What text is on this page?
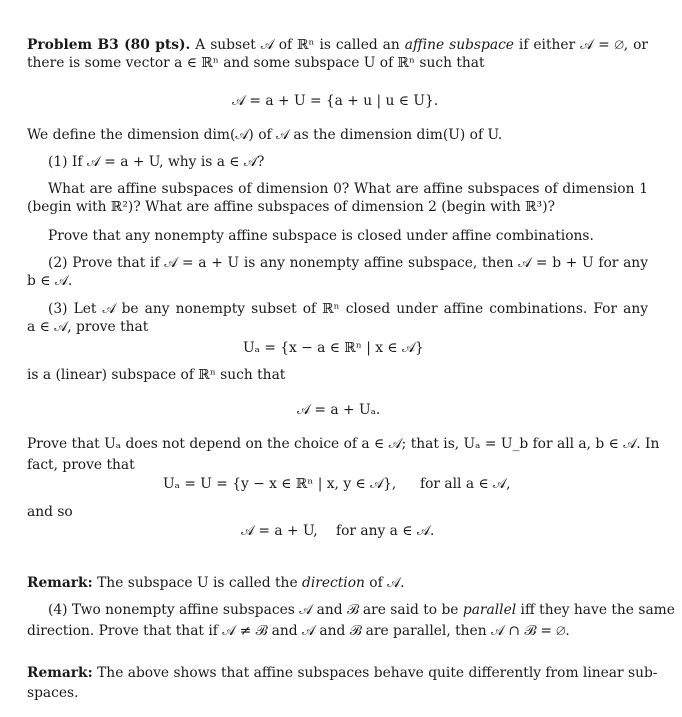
Problem B3 (80 pts). A subset 𝒜 of ℝⁿ is called an affine subspace if either 𝒜 = ∅, or
there is some vector a ∈ ℝⁿ and some subspace U of ℝⁿ such that
𝒜 = a + U = {a + u | u ∈ U}.
We define the dimension dim(𝒜) of 𝒜 as the dimension dim(U) of U.
(1) If 𝒜 = a + U, why is a ∈ 𝒜?
What are affine subspaces of dimension 0? What are affine subspaces of dimension 1
(begin with ℝ²)? What are affine subspaces of dimension 2 (begin with ℝ³)?
Prove that any nonempty affine subspace is closed under affine combinations.
(2) Prove that if 𝒜 = a + U is any nonempty affine subspace, then 𝒜 = b + U for any
b ∈ 𝒜.
(3) Let 𝒜 be any nonempty subset of ℝⁿ closed under affine combinations. For any
a ∈ 𝒜, prove that
Uₐ = {x − a ∈ ℝⁿ | x ∈ 𝒜}
is a (linear) subspace of ℝⁿ such that
𝒜 = a + Uₐ.
Prove that Uₐ does not depend on the choice of a ∈ 𝒜; that is, Uₐ = U_b for all a, b ∈ 𝒜. In
fact, prove that
Uₐ = U = {y − x ∈ ℝⁿ | x, y ∈ 𝒜}, for all a ∈ 𝒜,
and so
𝒜 = a + U, for any a ∈ 𝒜.
Remark: The subspace U is called the direction of 𝒜.
(4) Two nonempty affine subspaces 𝒜 and ℬ are said to be parallel iff they have the same
direction. Prove that that if 𝒜 ≠ ℬ and 𝒜 and ℬ are parallel, then 𝒜 ∩ ℬ = ∅.
Remark: The above shows that affine subspaces behave quite differently from linear sub-
spaces.
